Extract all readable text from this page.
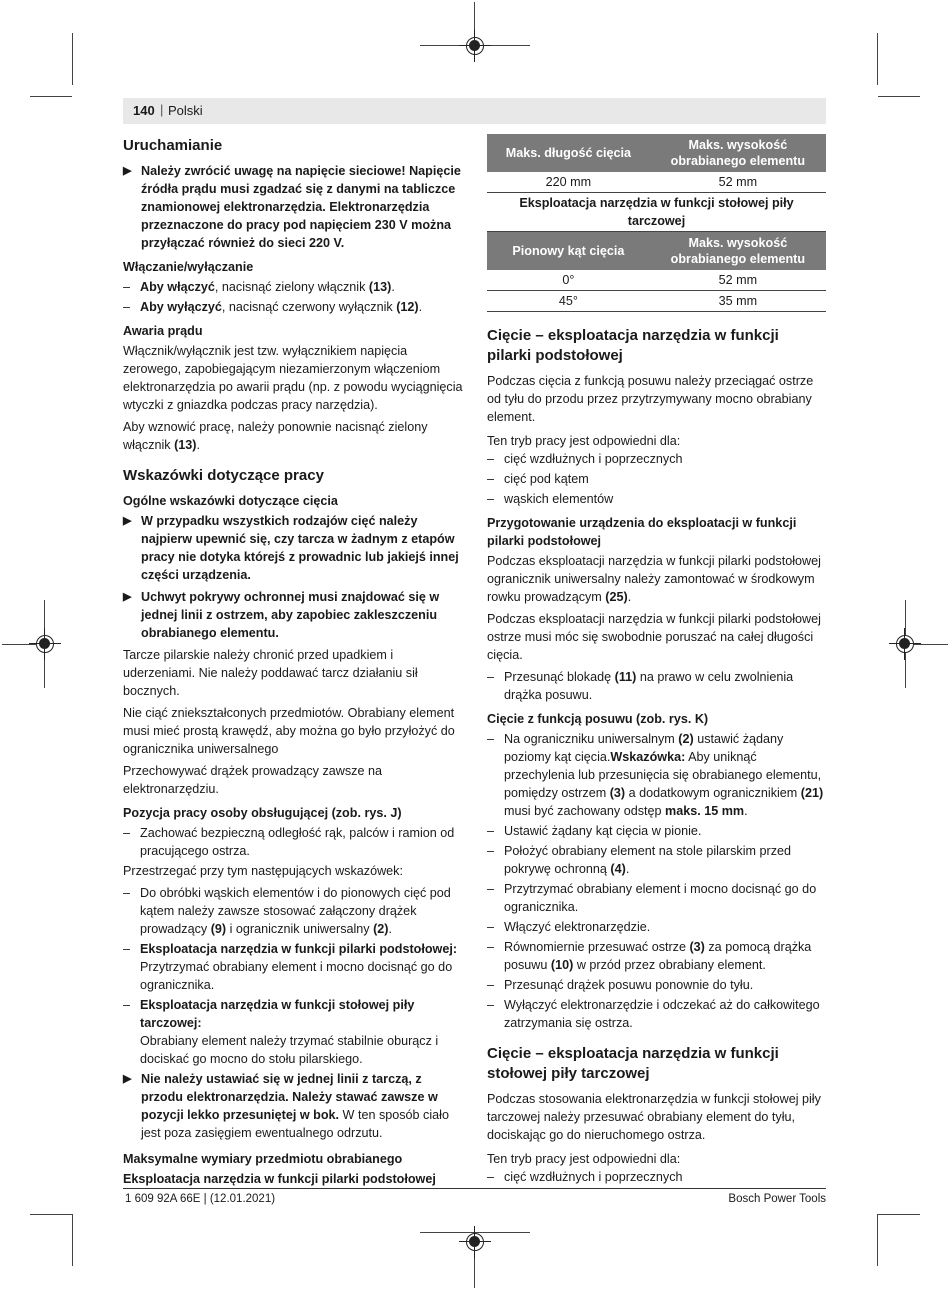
140 | Polski
Uruchamianie
▶ Należy zwrócić uwagę na napięcie sieciowe! Napięcie źródła prądu musi zgadzać się z danymi na tabliczce znamionowej elektronarzędzia. Elektronarzędzia przeznaczone do pracy pod napięciem 230 V można przyłączać również do sieci 220 V.
Włączanie/wyłączanie
– Aby włączyć, nacisnąć zielony włącznik (13).
– Aby wyłączyć, nacisnąć czerwony wyłącznik (12).
Awaria prądu

Włącznik/wyłącznik jest tzw. wyłącznikiem napięcia zerowego, zapobiegającym niezamierzonym włączeniom elektronarzędzia po awarii prądu (np. z powodu wyciągnięcia wtyczki z gniazdka podczas pracy narzędzia).

Aby wznowić pracę, należy ponownie nacisnąć zielony włącznik (13).

Wskazówki dotyczące pracy
Ogólne wskazówki dotyczące cięcia
▶ W przypadku wszystkich rodzajów cięć należy najpierw upewnić się, czy tarcza w żadnym z etapów pracy nie dotyka którejś z prowadnic lub jakiejś innej części urządzenia.
▶ Uchwyt pokrywy ochronnej musi znajdować się w jednej linii z ostrzem, aby zapobiec zakleszczeniu obrabianego elementu.

Tarcze pilarskie należy chronić przed upadkiem i uderzeniami. Nie należy poddawać tarcz działaniu sił bocznych.

Nie ciąć zniekształconych przedmiotów. Obrabiany element musi mieć prostą krawędź, aby można go było przyłożyć do ogranicznika uniwersalnego

Przechowywać drążek prowadzący zawsze na elektronarzędziu.

Pozycja pracy osoby obsługującej (zob. rys. J)
– Zachować bezpieczną odległość rąk, palców i ramion od pracującego ostrza.

Przestrzegać przy tym następujących wskazówek:

– Do obróbki wąskich elementów i do pionowych cięć pod kątem należy zawsze stosować załączony drążek prowadzący (9) i ogranicznik uniwersalny (2).
– Eksploatacja narzędzia w funkcji pilarki podstołowej: Przytrzymać obrabiany element i mocno docisnąć go do ogranicznika.
– Eksploatacja narzędzia w funkcji stołowej piły tarczowej:
Obrabiany element należy trzymać stabilnie oburącz i dociskać go mocno do stołu pilarskiego.
▶ Nie należy ustawiać się w jednej linii z tarczą, z przodu elektronarzędzia. Należy stawać zawsze w pozycji lekko przesuniętej w bok. W ten sposób ciało jest poza zasięgiem ewentualnego odrzutu.
Maksymalne wymiary przedmiotu obrabianego
Eksploatacja narzędzia w funkcji pilarki podstołowej
Maks. długość cięcia	Maks. wysokość obrabianego elementu
220 mm	52 mm
Eksploatacja narzędzia w funkcji stołowej piły tarczowej	
Pionowy kąt cięcia	Maks. wysokość obrabianego elementu
0°	52 mm
45°	35 mm
Cięcie – eksploatacja narzędzia w funkcji pilarki podstołowej

Podczas cięcia z funkcją posuwu należy przeciągać ostrze od tyłu do przodu przez przytrzymywany mocno obrabiany element.

Ten tryb pracy jest odpowiedni dla:

– cięć wzdłużnych i poprzecznych
– cięć pod kątem
– wąskich elementów
Przygotowanie urządzenia do eksploatacji w funkcji pilarki podstołowej

Podczas eksploatacji narzędzia w funkcji pilarki podstołowej ogranicznik uniwersalny należy zamontować w środkowym rowku prowadzącym (25).

Podczas eksploatacji narzędzia w funkcji pilarki podstołowej ostrze musi móc się swobodnie poruszać na całej długości cięcia.

– Przesunąć blokadę (11) na prawo w celu zwolnienia drążka posuwu.
Cięcie z funkcją posuwu (zob. rys. K)
– Na ograniczniku uniwersalnym (2) ustawić żądany poziomy kąt cięcia.Wskazówka: Aby uniknąć przechylenia lub przesunięcia się obrabianego elementu, pomiędzy ostrzem (3) a dodatkowym ogranicznikiem (21) musi być zachowany odstęp maks. 15 mm.
– Ustawić żądany kąt cięcia w pionie.
– Położyć obrabiany element na stole pilarskim przed pokrywę ochronną (4).
– Przytrzymać obrabiany element i mocno docisnąć go do ogranicznika.
– Włączyć elektronarzędzie.
– Równomiernie przesuwać ostrze (3) za pomocą drążka posuwu (10) w przód przez obrabiany element.
– Przesunąć drążek posuwu ponownie do tyłu.
– Wyłączyć elektronarzędzie i odczekać aż do całkowitego zatrzymania się ostrza.
Cięcie – eksploatacja narzędzia w funkcji stołowej piły tarczowej

Podczas stosowania elektronarzędzia w funkcji stołowej piły tarczowej należy przesuwać obrabiany element do tyłu, dociskając go do nieruchomego ostrza.

Ten tryb pracy jest odpowiedni dla:

– cięć wzdłużnych i poprzecznych
1 609 92A 66E | (12.01.2021)	Bosch Power Tools
